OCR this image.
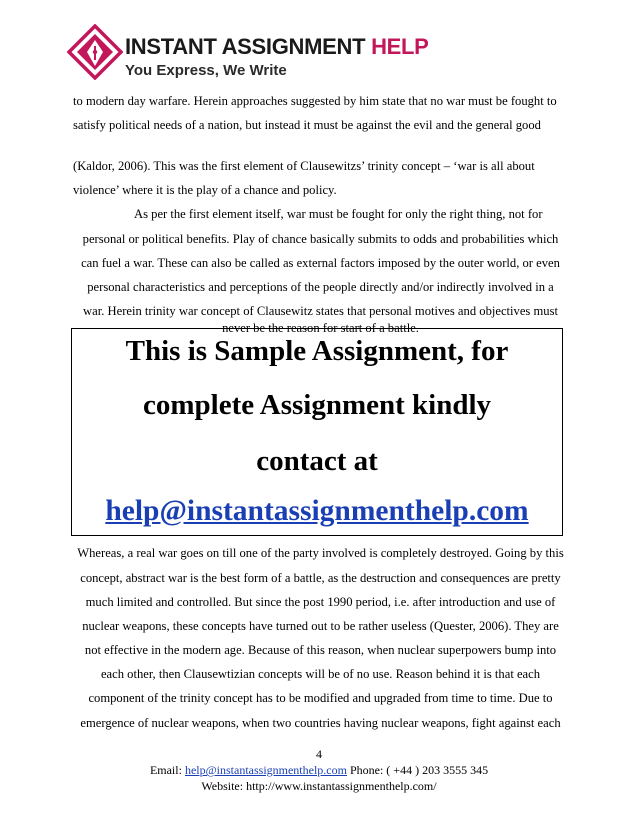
INSTANT ASSIGNMENT HELP
You Express, We Write
to modern day warfare. Herein approaches suggested by him state that no war must be fought to
satisfy political needs of a nation, but instead it must be against the evil and the general good
(Kaldor, 2006). This was the first element of Clausewitzs’ trinity concept – ‘war is all about
violence’ where it is the play of a chance and policy.
As per the first element itself, war must be fought for only the right thing, not for
personal or political benefits. Play of chance basically submits to odds and probabilities which
can fuel a war. These can also be called as external factors imposed by the outer world, or even
personal characteristics and perceptions of the people directly and/or indirectly involved in a
war. Herein trinity war concept of Clausewitz states that personal motives and objectives must
never be the reason for start of a battle.
This is Sample Assignment, for
complete Assignment kindly
contact at
help@instantassignmenthelp.com
Whereas, a real war goes on till one of the party involved is completely destroyed. Going by this
concept, abstract war is the best form of a battle, as the destruction and consequences are pretty
much limited and controlled. But since the post 1990 period, i.e. after introduction and use of
nuclear weapons, these concepts have turned out to be rather useless (Quester, 2006). They are
not effective in the modern age. Because of this reason, when nuclear superpowers bump into
each other, then Clausewtizian concepts will be of no use. Reason behind it is that each
component of the trinity concept has to be modified and upgraded from time to time. Due to
emergence of nuclear weapons, when two countries having nuclear weapons, fight against each
4
Email: help@instantassignmenthelp.com Phone: ( +44 ) 203 3555 345
Website: http://www.instantassignmenthelp.com/
